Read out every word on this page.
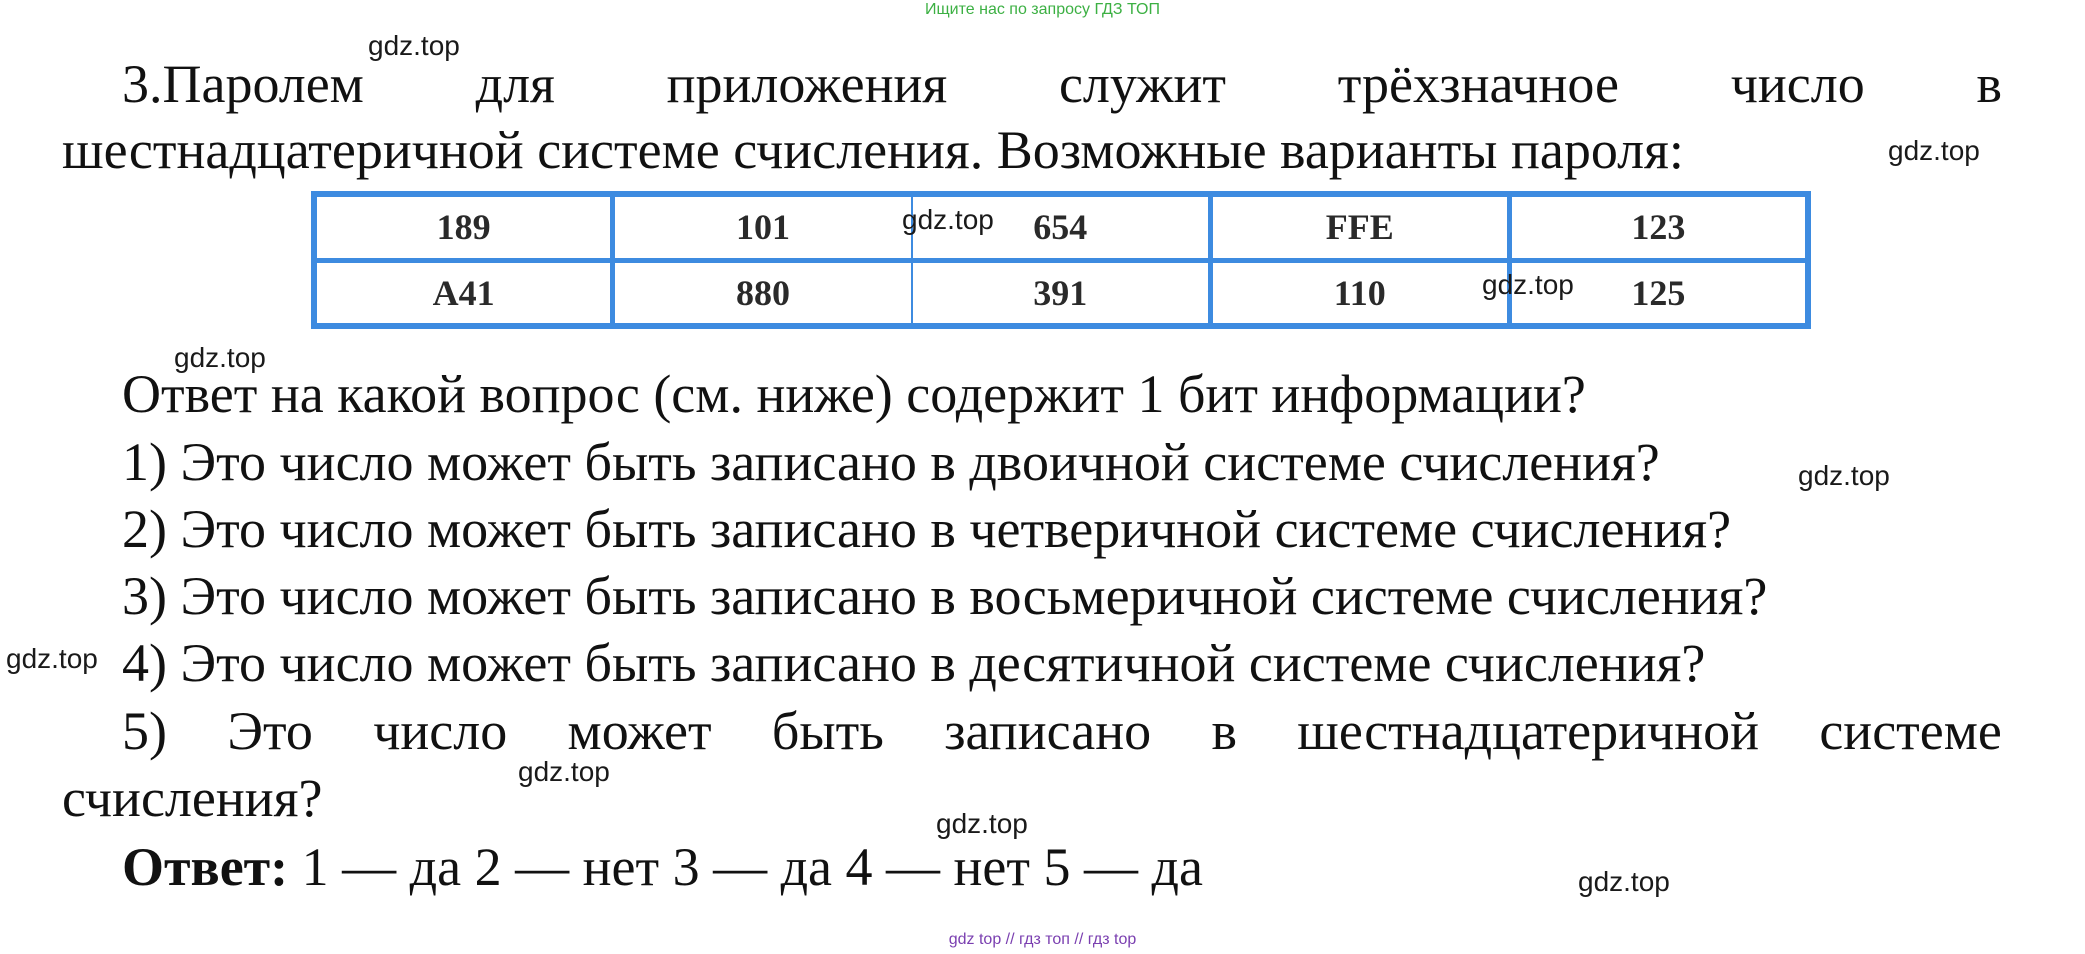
Ищите нас по запросу ГДЗ ТОП
3.Паролем для приложения служит трёхзначное число в
шестнадцатеричной системе счисления. Возможные варианты пароля:
189	101	654	FFE	123
A41	880	391	110	125
Ответ на какой вопрос (см. ниже) содержит 1 бит информации?
1) Это число может быть записано в двоичной системе счисления?
2) Это число может быть записано в четверичной системе счисления?
3) Это число может быть записано в восьмеричной системе счисления?
4) Это число может быть записано в десятичной системе счисления?
5) Это число может быть записано в шестнадцатеричной системе
счисления?
Ответ: 1 — да 2 — нет 3 — да 4 — нет 5 — да
gdz.top
gdz.top
gdz.top
gdz.top
gdz.top
gdz.top
gdz.top
gdz.top
gdz.top
gdz.top
gdz top // гдз топ // гдз top
